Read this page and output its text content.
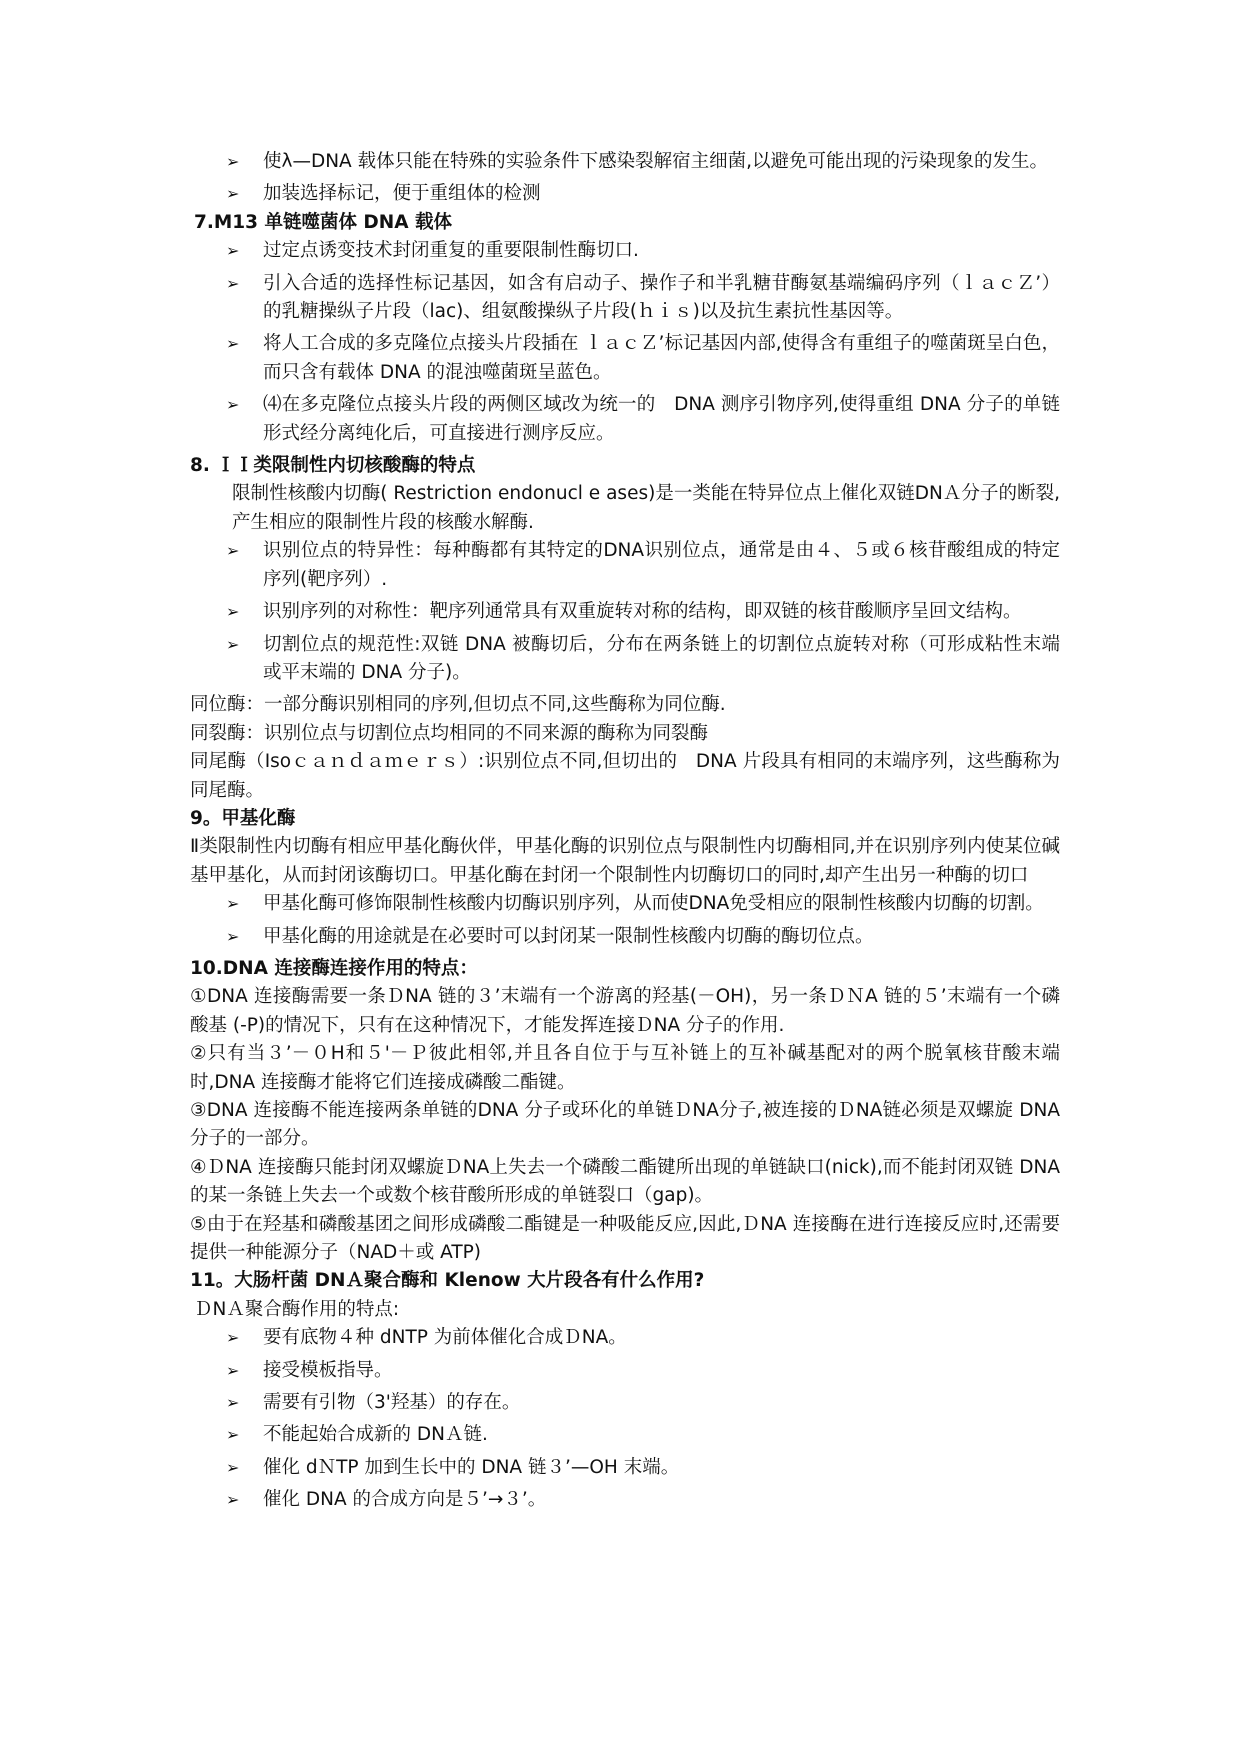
➢ 使λ—DNA 载体只能在特殊的实验条件下感染裂解宿主细菌,以避免可能出现的污染现象的发生。
➢ 加装选择标记，便于重组体的检测
7.M13 单链噬菌体 DNA 载体
➢ 过定点诱变技术封闭重复的重要限制性酶切口.
➢ 引入合适的选择性标记基因，如含有启动子、操作子和半乳糖苷酶氨基端编码序列（ｌａｃＺ’）的乳糖操纵子片段（lac)、组氨酸操纵子片段(ｈｉｓ)以及抗生素抗性基因等。
➢ 将人工合成的多克隆位点接头片段插在 ｌａｃＺ’标记基因内部,使得含有重组子的噬菌斑呈白色，而只含有载体 DNA 的混浊噬菌斑呈蓝色。
➢ ⑷在多克隆位点接头片段的两侧区域改为统一的　DNA 测序引物序列,使得重组 DNA 分子的单链形式经分离纯化后，可直接进行测序反应。
8. ＩＩ类限制性内切核酸酶的特点
限制性核酸内切酶( Restriction endonucl e ases)是一类能在特异位点上催化双链DNＡ分子的断裂,产生相应的限制性片段的核酸水解酶.
➢ 识别位点的特异性：每种酶都有其特定的DNA识别位点，通常是由４、５或６核苷酸组成的特定序列(靶序列）.
➢ 识别序列的对称性：靶序列通常具有双重旋转对称的结构，即双链的核苷酸顺序呈回文结构。
➢ 切割位点的规范性:双链 DNA 被酶切后，分布在两条链上的切割位点旋转对称（可形成粘性末端或平末端的 DNA 分子)。
同位酶：一部分酶识别相同的序列,但切点不同,这些酶称为同位酶.
同裂酶：识别位点与切割位点均相同的不同来源的酶称为同裂酶
同尾酶（Isoｃａｎｄａｍｅｒｓ）:识别位点不同,但切出的　DNA 片段具有相同的末端序列，这些酶称为同尾酶。
9。甲基化酶
Ⅱ类限制性内切酶有相应甲基化酶伙伴，甲基化酶的识别位点与限制性内切酶相同,并在识别序列内使某位碱基甲基化，从而封闭该酶切口。甲基化酶在封闭一个限制性内切酶切口的同时,却产生出另一种酶的切口
➢ 甲基化酶可修饰限制性核酸内切酶识别序列，从而使DNA免受相应的限制性核酸内切酶的切割。
➢ 甲基化酶的用途就是在必要时可以封闭某一限制性核酸内切酶的酶切位点。
10.DNA 连接酶连接作用的特点：
①DNA 连接酶需要一条ＤNA 链的３’末端有一个游离的羟基(－OH)，另一条ＤＮA 链的５’末端有一个磷酸基 (-P)的情况下，只有在这种情况下，才能发挥连接ＤNA 分子的作用.
②只有当３’－０H和５'－Ｐ彼此相邻,并且各自位于与互补链上的互补碱基配对的两个脱氧核苷酸末端时,DNA 连接酶才能将它们连接成磷酸二酯键。
③DNA 连接酶不能连接两条单链的DNA 分子或环化的单链ＤNA分子,被连接的ＤNA链必须是双螺旋 DNA 分子的一部分。
④ＤNA 连接酶只能封闭双螺旋ＤNA上失去一个磷酸二酯键所出现的单链缺口(nick),而不能封闭双链 DNA 的某一条链上失去一个或数个核苷酸所形成的单链裂口（gap)。
⑤由于在羟基和磷酸基团之间形成磷酸二酯键是一种吸能反应,因此,ＤNA 连接酶在进行连接反应时,还需要提供一种能源分子（NAD＋或 ATP)
11。大肠杆菌 DNＡ聚合酶和 Klenow 大片段各有什么作用?
ＤNＡ聚合酶作用的特点:
➢ 要有底物４种 dNTP 为前体催化合成ＤNA。
➢ 接受模板指导。
➢ 需要有引物（3'羟基）的存在。
➢ 不能起始合成新的 DNＡ链.
➢ 催化 dＮTP 加到生长中的 DNA 链３’—OH 末端。
➢ 催化 DNA 的合成方向是５’→３’。
